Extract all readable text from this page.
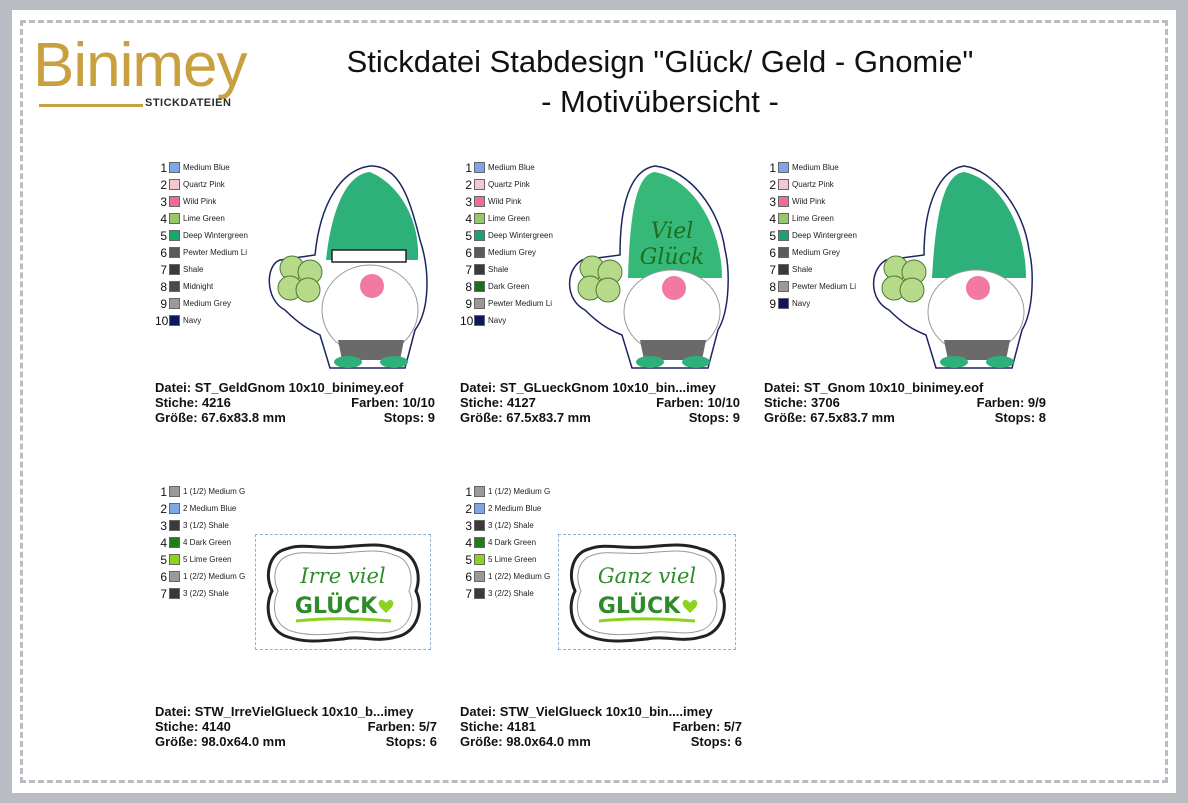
Binimey
STICKDATEIEN
Stickdatei Stabdesign "Glück/ Geld - Gnomie"
- Motivübersicht -
1 Medium Blue
2 Quartz Pink
3 Wild Pink
4 Lime Green
5 Deep Wintergreen
6 Pewter Medium Li
7 Shale
8 Midnight
9 Medium Grey
10 Navy
Datei: ST_GeldGnom 10x10_binimey.eof
Stiche: 4216	Farben: 10/10
Größe: 67.6x83.8 mm	Stops: 9
1 Medium Blue
2 Quartz Pink
3 Wild Pink
4 Lime Green
5 Deep Wintergreen
6 Medium Grey
7 Shale
8 Dark Green
9 Pewter Medium Li
10 Navy
Viel
Glück
Datei: ST_GLueckGnom 10x10_bin...imey
Stiche: 4127	Farben: 10/10
Größe: 67.5x83.7 mm	Stops: 9
1 Medium Blue
2 Quartz Pink
3 Wild Pink
4 Lime Green
5 Deep Wintergreen
6 Medium Grey
7 Shale
8 Pewter Medium Li
9 Navy
Datei: ST_Gnom 10x10_binimey.eof
Stiche: 3706	Farben: 9/9
Größe: 67.5x83.7 mm	Stops: 8
1 1 (1/2) Medium G
2 2 Medium Blue
3 3 (1/2) Shale
4 4 Dark Green
5 5 Lime Green
6 1 (2/2) Medium G
7 3 (2/2) Shale
Irre viel
GLÜCK
Datei: STW_IrreVielGlueck 10x10_b...imey
Stiche: 4140	Farben: 5/7
Größe: 98.0x64.0 mm	Stops: 6
1 1 (1/2) Medium G
2 2 Medium Blue
3 3 (1/2) Shale
4 4 Dark Green
5 5 Lime Green
6 1 (2/2) Medium G
7 3 (2/2) Shale
Ganz viel
GLÜCK
Datei: STW_VielGlueck 10x10_bin....imey
Stiche: 4181	Farben: 5/7
Größe: 98.0x64.0 mm	Stops: 6
